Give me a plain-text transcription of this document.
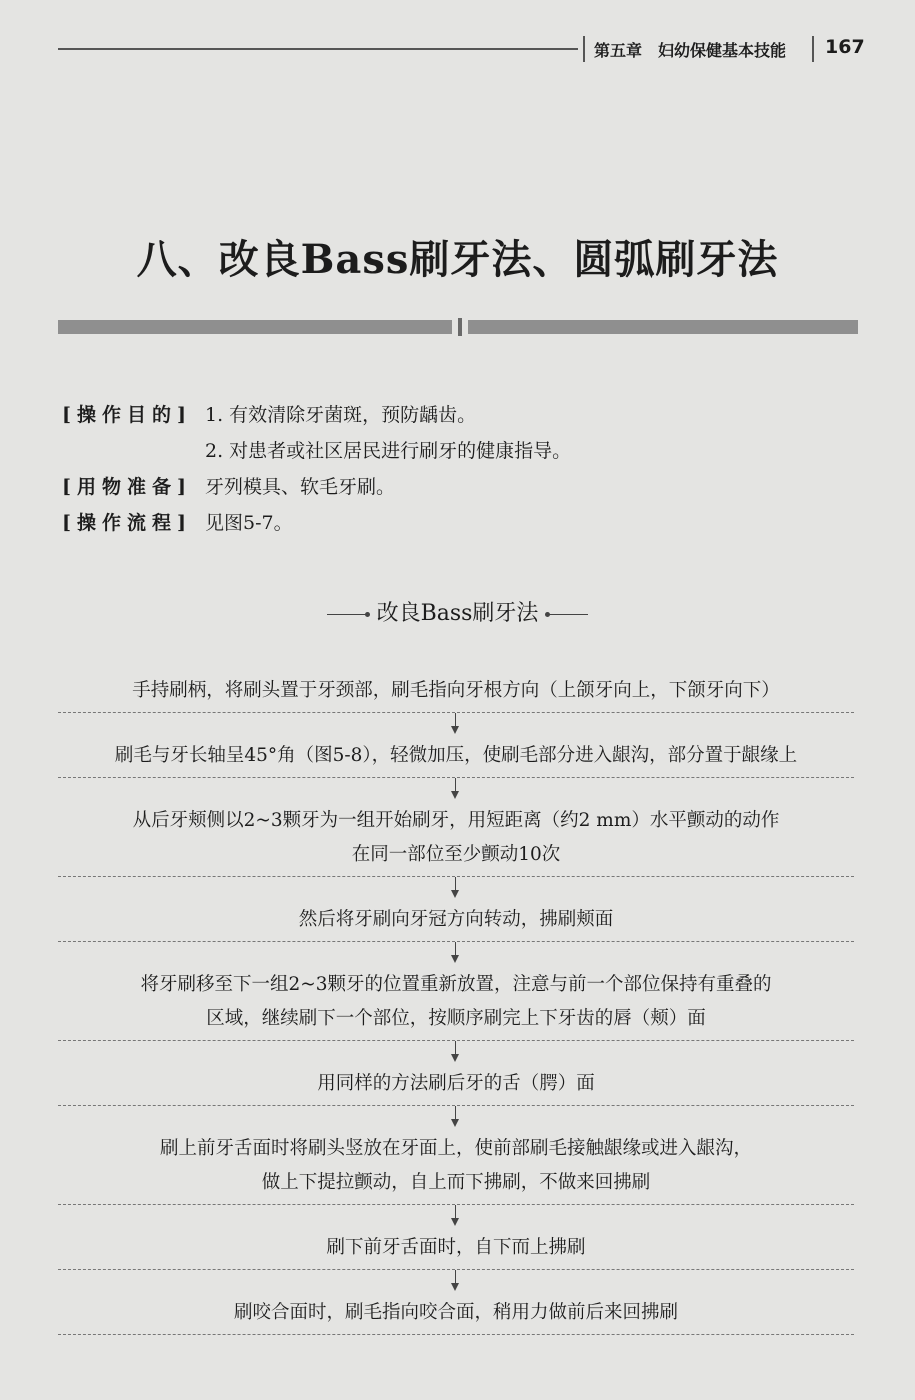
第五章　妇幼保健基本技能 167
八、改良Bass刷牙法、圆弧刷牙法
[操作目的] 1. 有效清除牙菌斑，预防龋齿。
2. 对患者或社区居民进行刷牙的健康指导。
[用物准备] 牙列模具、软毛牙刷。
[操作流程] 见图5-7。
改良Bass刷牙法
手持刷柄，将刷头置于牙颈部，刷毛指向牙根方向（上颌牙向上，下颌牙向下）
刷毛与牙长轴呈45°角（图5-8），轻微加压，使刷毛部分进入龈沟，部分置于龈缘上
从后牙颊侧以2~3颗牙为一组开始刷牙，用短距离（约2 mm）水平颤动的动作
在同一部位至少颤动10次
然后将牙刷向牙冠方向转动，拂刷颊面
将牙刷移至下一组2~3颗牙的位置重新放置，注意与前一个部位保持有重叠的
区域，继续刷下一个部位，按顺序刷完上下牙齿的唇（颊）面
用同样的方法刷后牙的舌（腭）面
刷上前牙舌面时将刷头竖放在牙面上，使前部刷毛接触龈缘或进入龈沟，
做上下提拉颤动，自上而下拂刷，不做来回拂刷
刷下前牙舌面时，自下而上拂刷
刷咬合面时，刷毛指向咬合面，稍用力做前后来回拂刷
